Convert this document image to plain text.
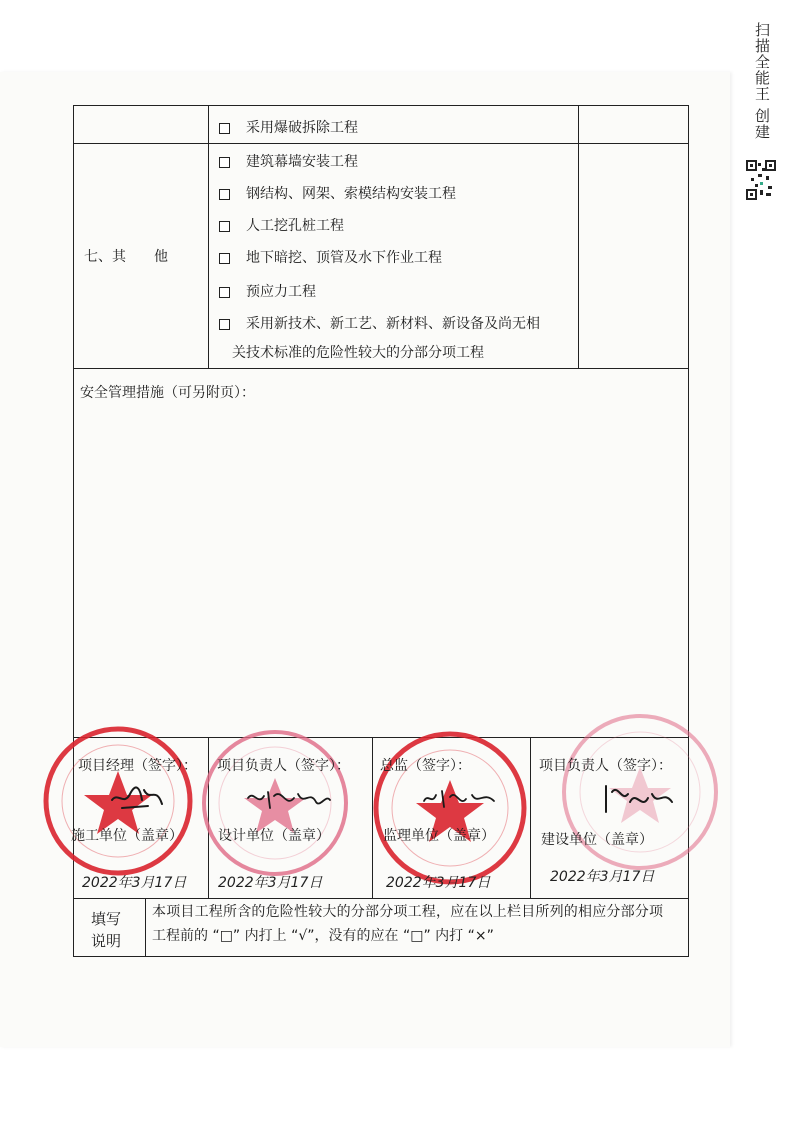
扫描全能王 创建
七、其　　他
采用爆破拆除工程
建筑幕墙安装工程
钢结构、网架、索模结构安装工程
人工挖孔桩工程
地下暗挖、顶管及水下作业工程
预应力工程
采用新技术、新工艺、新材料、新设备及尚无相
关技术标准的危险性较大的分部分项工程
安全管理措施（可另附页）：
项目经理（签字）：
施工单位（盖章）
2022年3月17日
项目负责人（签字）：
设计单位（盖章）
2022年3月17日
总监（签字）：
监理单位（盖章）
2022年3月17日
项目负责人（签字）：
建设单位（盖章）
2022年3月17日
填写
说明
本项目工程所含的危险性较大的分部分项工程，应在以上栏目所列的相应分部分项
工程前的 “□” 内打上 “√”，没有的应在 “□” 内打 “×”
